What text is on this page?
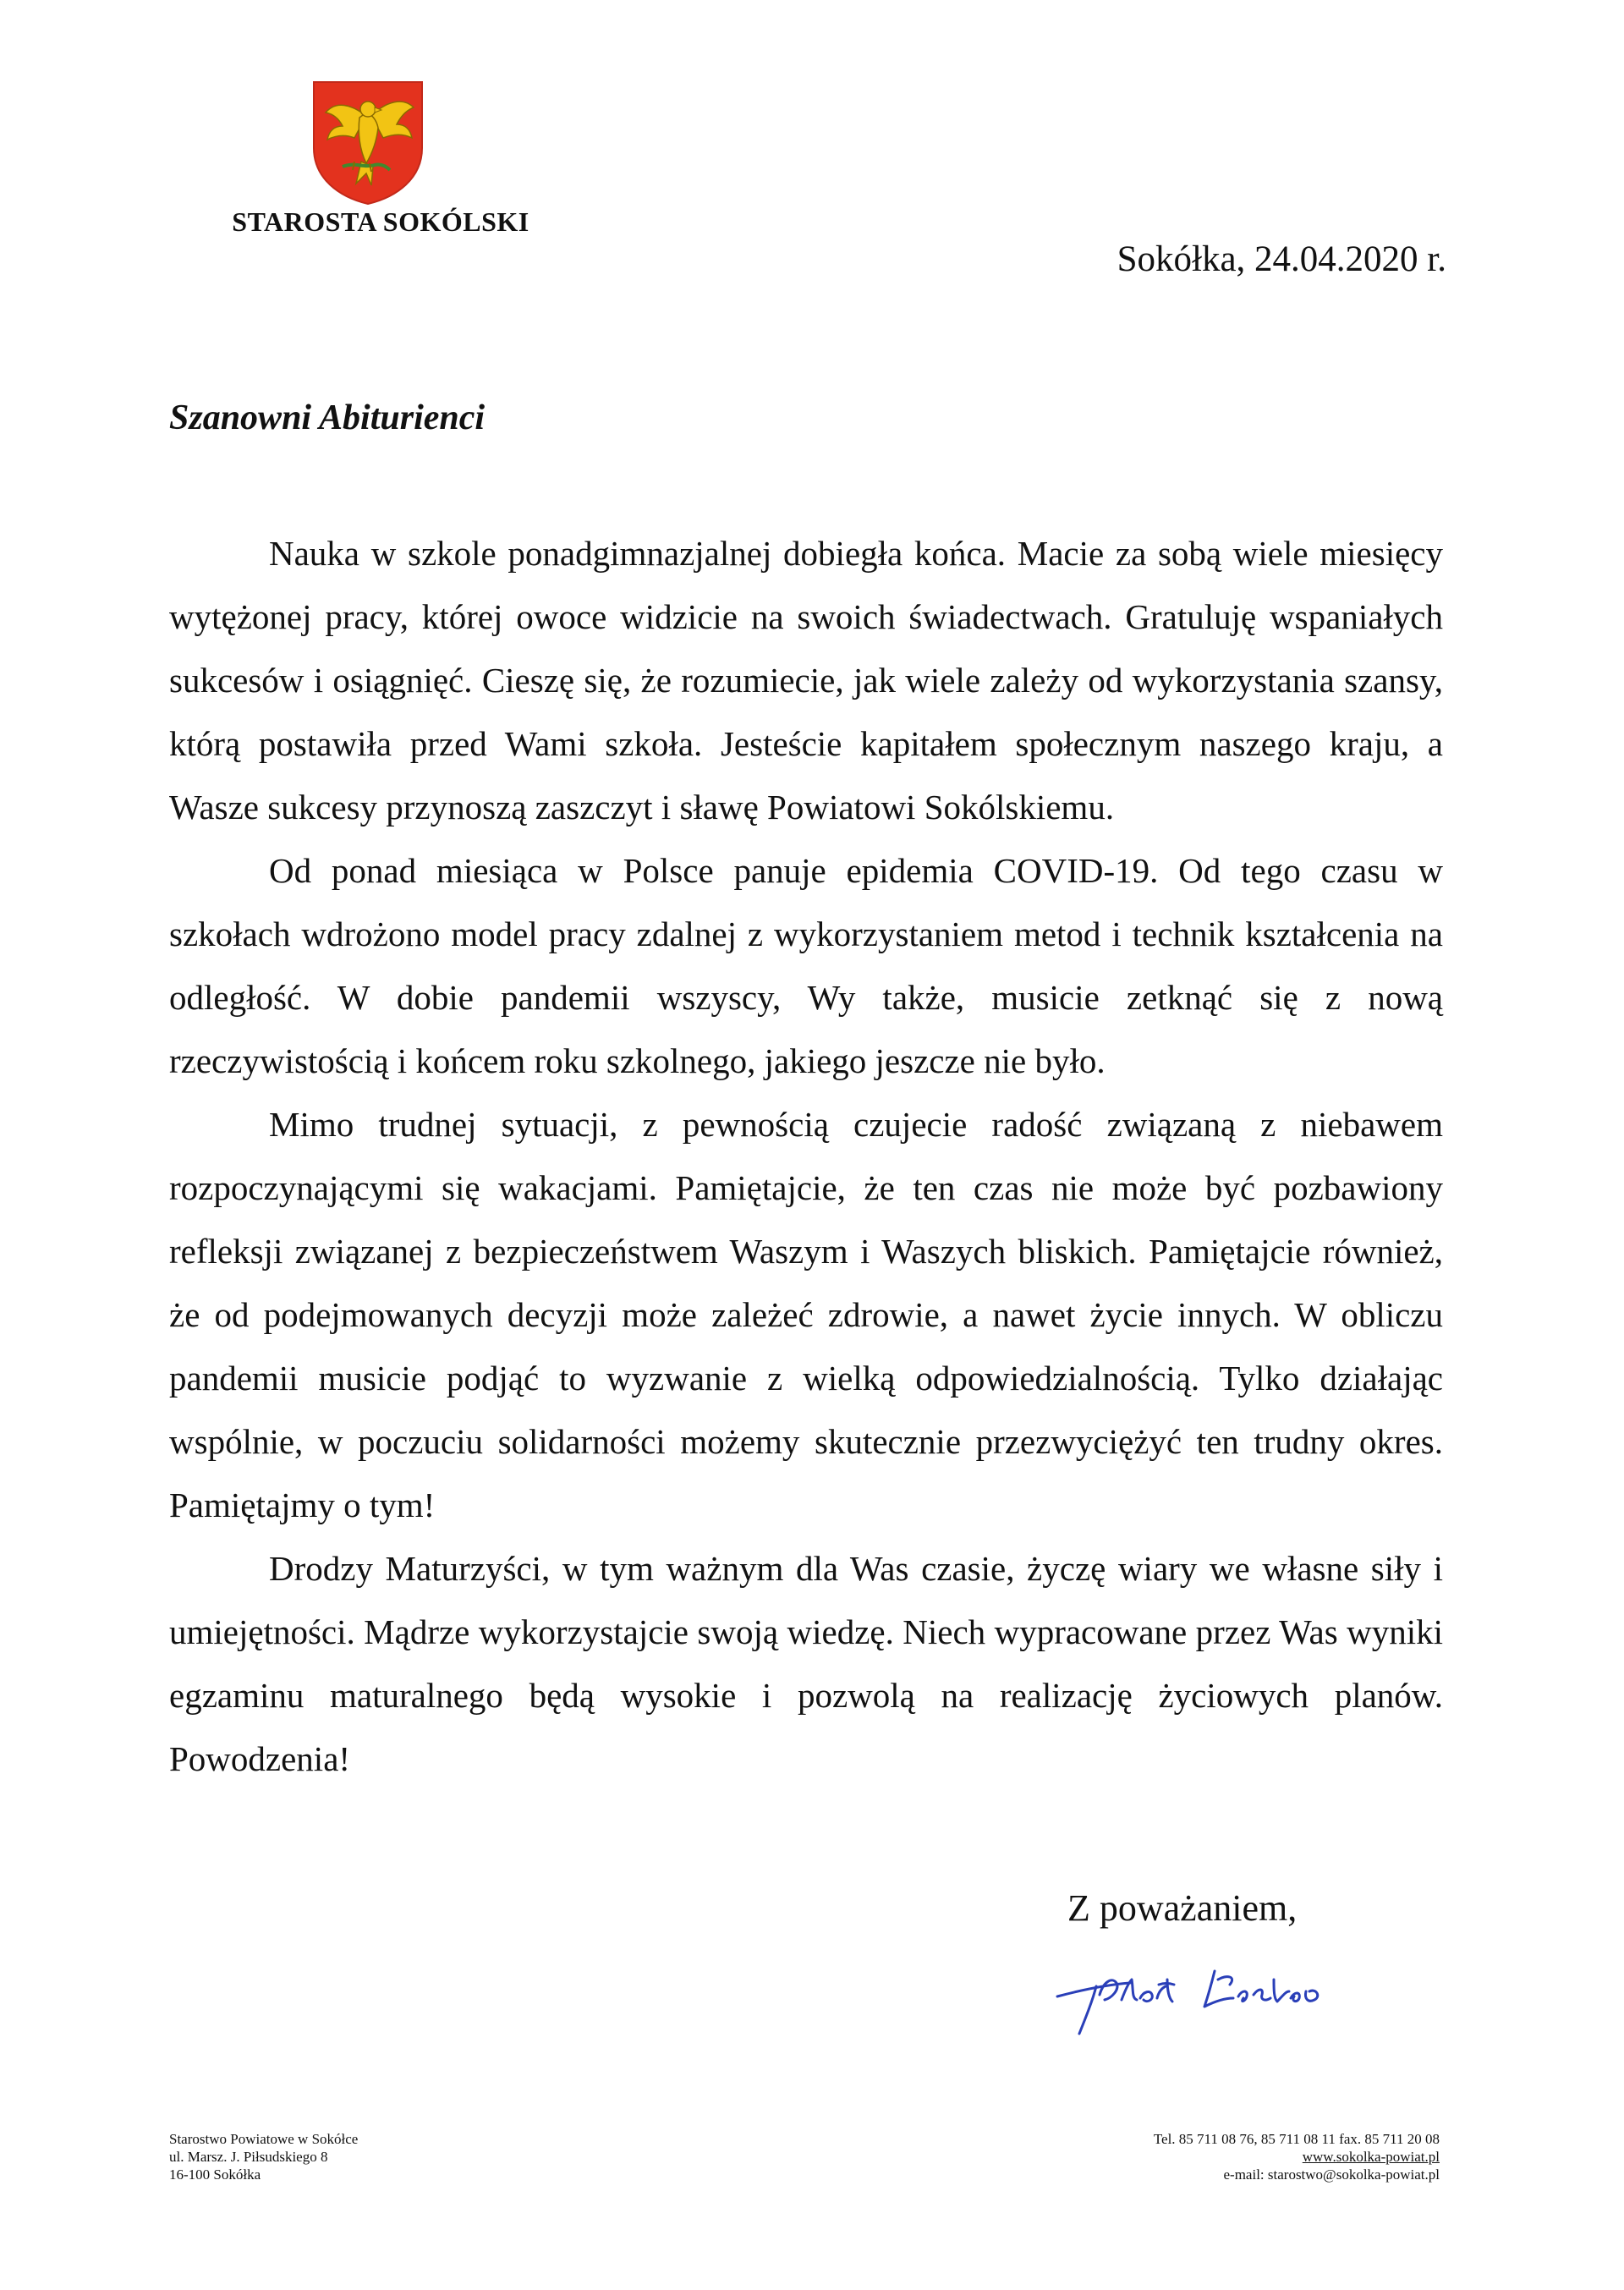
STAROSTA SOKÓLSKI
Sokółka, 24.04.2020 r.
Szanowni Abiturienci

Nauka w szkole ponadgimnazjalnej dobiegła końca. Macie za sobą wiele miesięcy wytężonej pracy, której owoce widzicie na swoich świadectwach. Gratuluję wspaniałych sukcesów i osiągnięć. Cieszę się, że rozumiecie, jak wiele zależy od wykorzystania szansy, którą postawiła przed Wami szkoła. Jesteście kapitałem społecznym naszego kraju, a Wasze sukcesy przynoszą zaszczyt i sławę Powiatowi Sokólskiemu.

Od ponad miesiąca w Polsce panuje epidemia COVID-19. Od tego czasu w szkołach wdrożono model pracy zdalnej z wykorzystaniem metod i technik kształcenia na odległość. W dobie pandemii wszyscy, Wy także, musicie zetknąć się z nową rzeczywistością i końcem roku szkolnego, jakiego jeszcze nie było.

Mimo trudnej sytuacji, z pewnością czujecie radość związaną z niebawem rozpoczynającymi się wakacjami. Pamiętajcie, że ten czas nie może być pozbawiony refleksji związanej z bezpieczeństwem Waszym i Waszych bliskich. Pamiętajcie również, że od podejmowanych decyzji może zależeć zdrowie, a nawet życie innych. W obliczu pandemii musicie podjąć to wyzwanie z wielką odpowiedzialnością. Tylko działając wspólnie, w poczuciu solidarności możemy skutecznie przezwyciężyć ten trudny okres. Pamiętajmy o tym!

Drodzy Maturzyści, w tym ważnym dla Was czasie, życzę wiary we własne siły i umiejętności. Mądrze wykorzystajcie swoją wiedzę. Niech wypracowane przez Was wyniki egzaminu maturalnego będą wysokie i pozwolą na realizację życiowych planów. Powodzenia!

Z poważaniem,
Starostwo Powiatowe w Sokółce
ul. Marsz. J. Piłsudskiego 8
16-100 Sokółka
Tel. 85 711 08 76, 85 711 08 11 fax. 85 711 20 08
www.sokolka-powiat.pl
e-mail: starostwo@sokolka-powiat.pl
